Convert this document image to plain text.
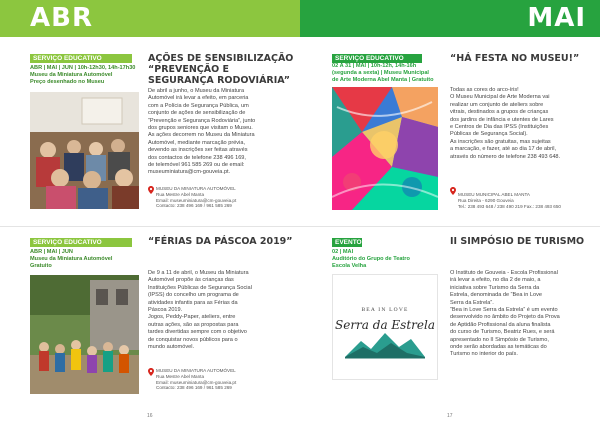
ABR
SERVIÇO EDUCATIVO
ABR | MAI | JUN | 10h-12h30, 14h-17h30
Museu da Miniatura Automóvel
Preço desenhado no Museu
AÇÕES DE SENSIBILIZAÇÃO
“PREVENÇÃO E
SEGURANÇA RODOVIÁRIA”
De abril a junho, o Museu da Miniatura
Automóvel irá levar a efeito, em parceria
com a Polícia de Segurança Pública, um
conjunto de ações de sensibilização de
“Prevenção e Segurança Rodoviária”, junto
dos grupos seniores que visitam o Museu.
As ações decorrem no Museu da Miniatura
Automóvel, mediante marcação prévia,
devendo as inscrições ser feitas através
dos contactos de telefone 238 496 169,
de telemóvel 961 585 269 ou de email:
museuminiatura@cm-gouveia.pt.
MUSEU DA MINIATURA AUTOMÓVEL
Rua Mestre Abel Manta
Email: museuminiatura@cm-gouveia.pt
Contacto: 238 496 169 / 961 585 269
SERVIÇO EDUCATIVO
ABR | MAI | JUN
Museu da Miniatura Automóvel
Gratuito
“FÉRIAS DA PÁSCOA 2019”
De 9 a 11 de abril, o Museu da Miniatura
Automóvel propõe às crianças das
Instituições Públicas de Segurança Social
(IPSS) do concelho um programa de
atividades infantis para as Férias da
Páscoa 2019.
Jogos, Peddy-Paper, ateliers, entre
outras ações, são as propostas para
tardes divertidas sempre com o objetivo
de conquistar novos públicos para o
mundo automóvel.
MUSEU DA MINIATURA AUTOMÓVEL
Rua Mestre Abel Manta
Email: museuminiatura@cm-gouveia.pt
Contacto: 238 496 169 / 961 585 269
16
MAI
SERVIÇO EDUCATIVO
02 A 31 | MAI | 10h-12h, 14h-16h
(segunda a sexta) | Museu Municipal
de Arte Moderna Abel Manta | Gratuito
“HÁ FESTA NO MUSEU!”
Todas as cores do arco-íris!
O Museu Municipal de Arte Moderna vai
realizar um conjunto de ateliers sobre
vitrais, destinados a grupos de crianças
dos jardins de infância e utentes de Lares
e Centros de Dia das IPSS (Instituições
Públicas de Segurança Social).
As inscrições são gratuitas, mas sujeitas
a marcação, e fazer, até ao dia 17 de abril,
através do número de telefone 238 493 648.
MUSEU MUNICIPAL ABEL MANTA
Rua Direita - 6290 Gouveia
Tel.: 238 493 648 / 238 490 219 Fax.: 238 493 650
EVENTO
02 | MAI
Auditório do Grupo de Teatro
Escola Velha
II SIMPÓSIO DE TURISMO
BEA IN LOVE
Serra da Estrela
O Instituto de Gouveia - Escola Profissional
irá levar a efeito, no dia 2 de maio, a
iniciativa sobre Turismo da Serra da
Estrela, denominada de “Bea in Love
Serra da Estrela”.
“Bea in Love Serra da Estrela” é um evento
desenvolvido no âmbito do Projeto da Prova
de Aptidão Profissional da aluna finalista
do curso de Turismo, Beatriz Rues, e será
apresentado no II Simpósio de Turismo,
onde serão abordadas as temáticas do
Turismo no interior do país.
17
